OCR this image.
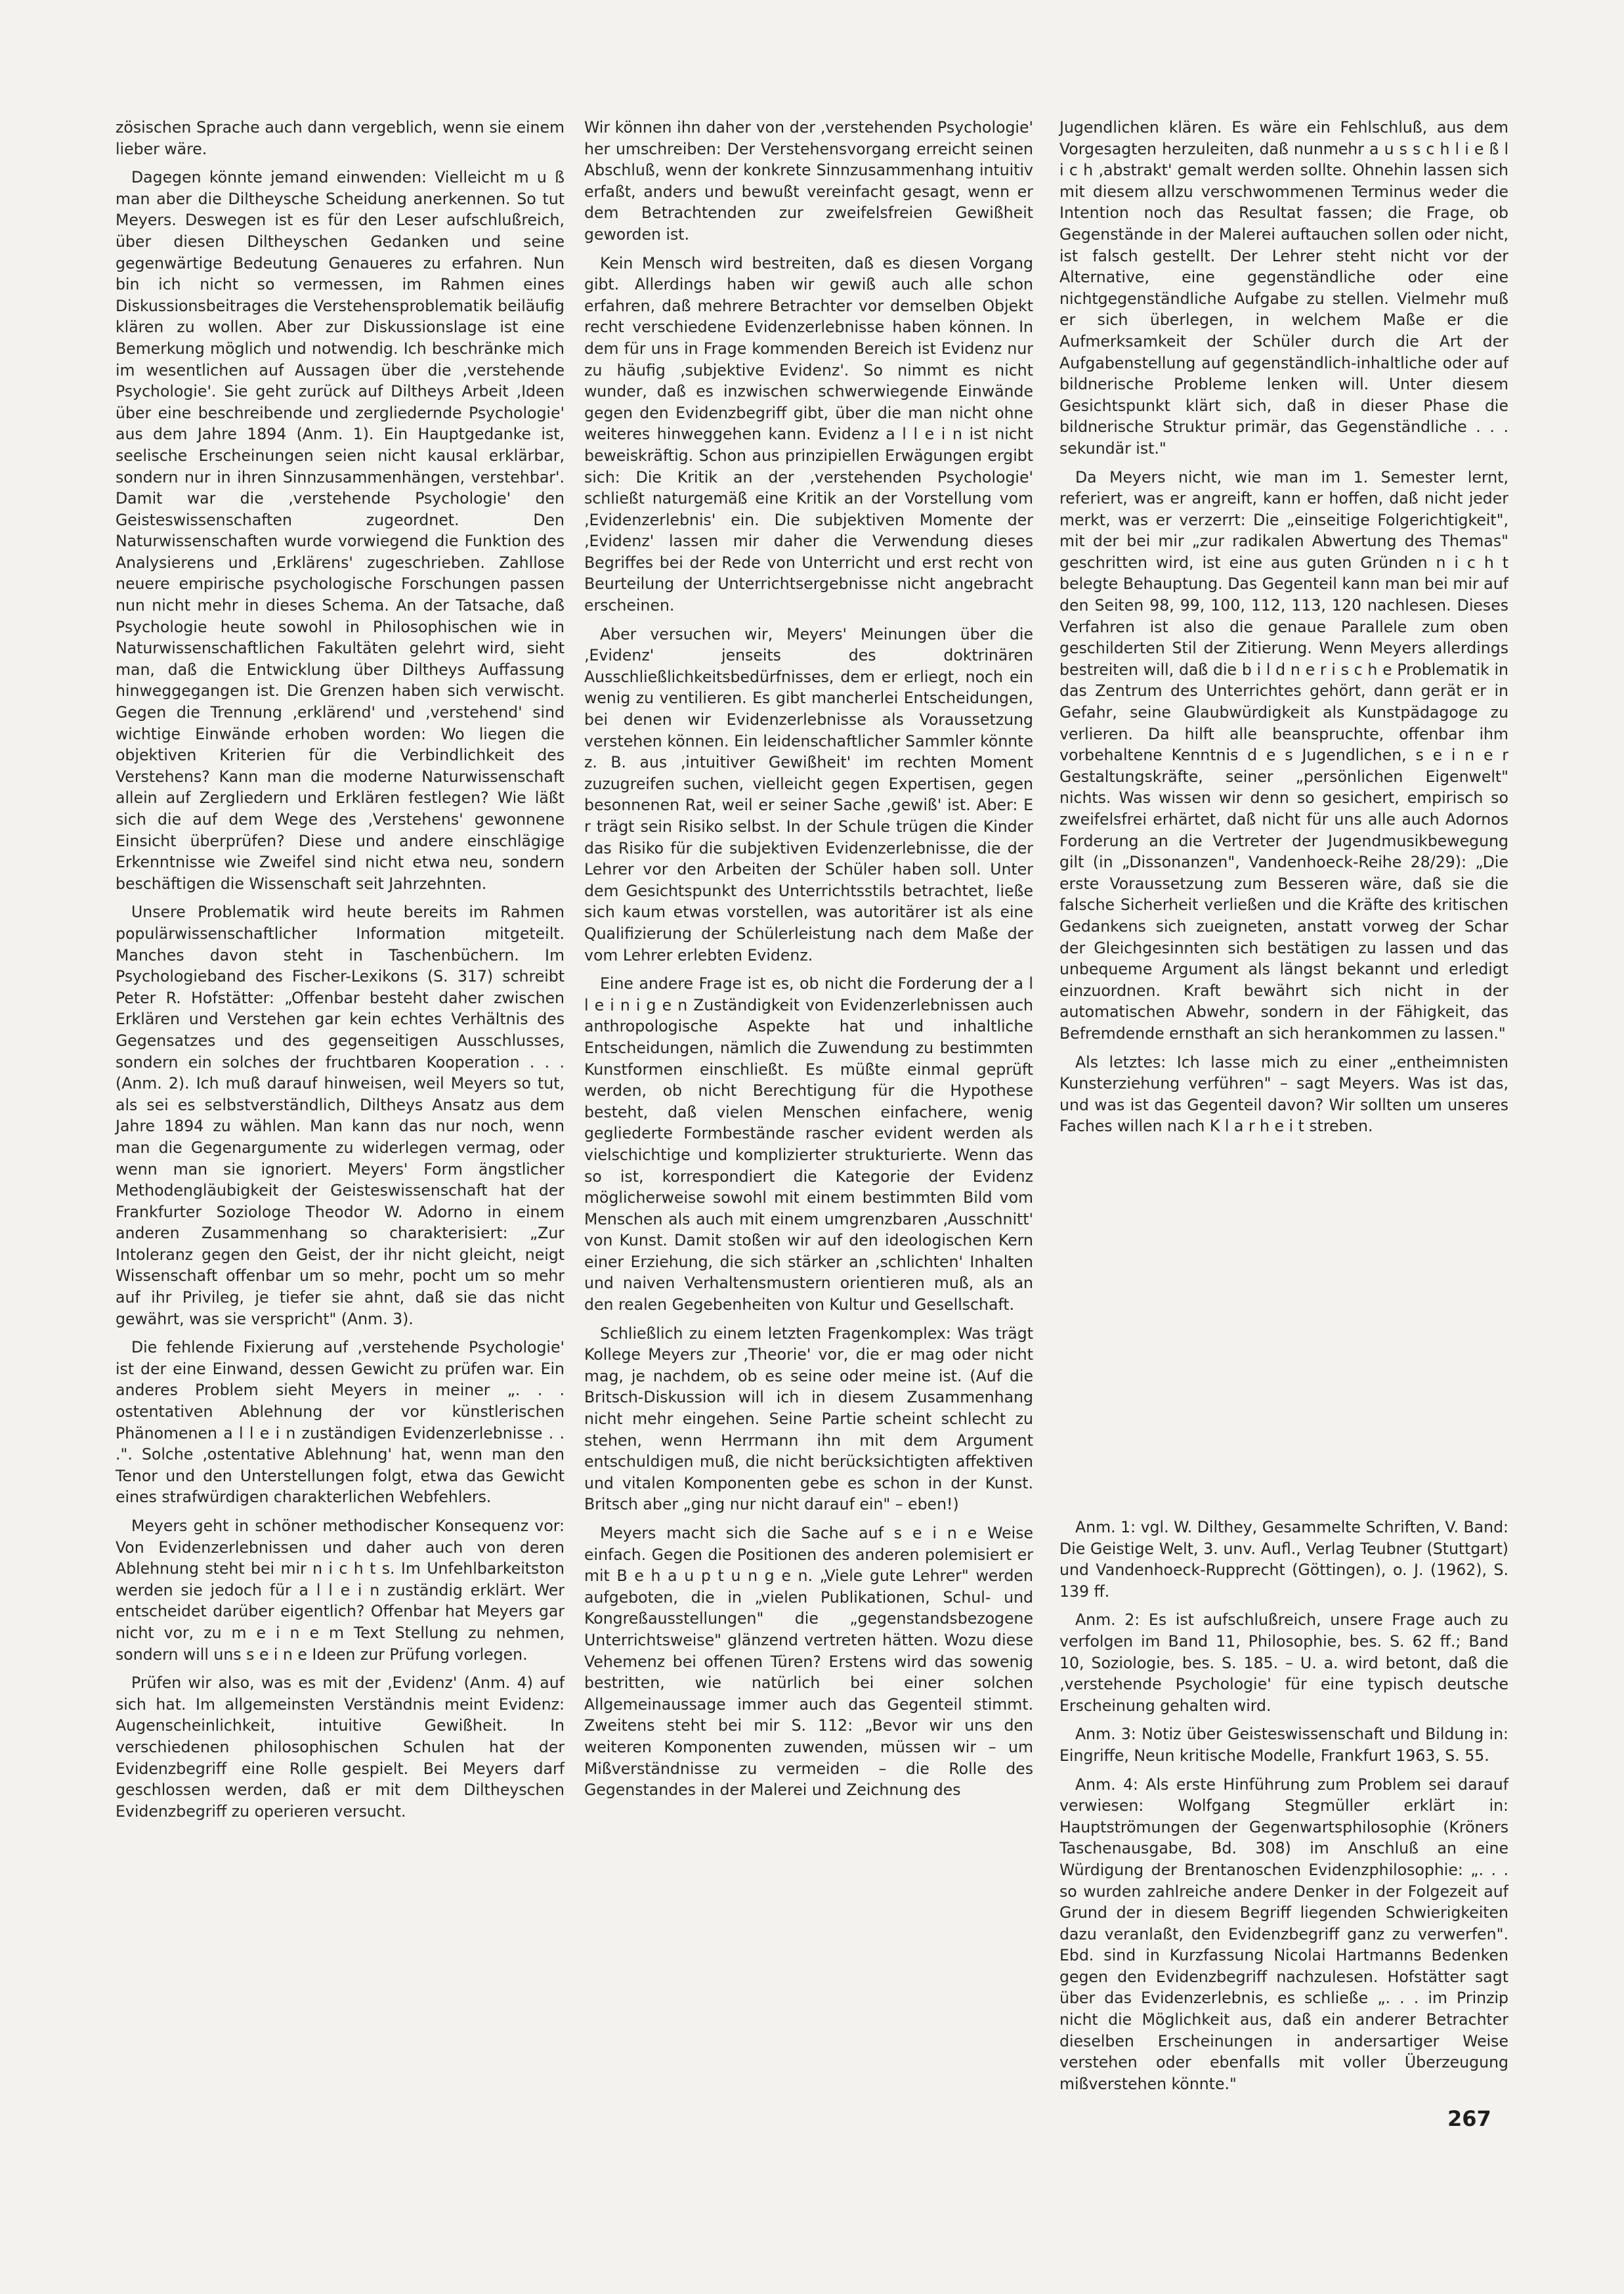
zösischen Sprache auch dann vergeblich, wenn sie einem lieber wäre.

Dagegen könnte jemand einwenden: Vielleicht m u ß man aber die Diltheysche Scheidung anerkennen. So tut Meyers. Deswegen ist es für den Leser aufschlußreich, über diesen Diltheyschen Gedanken und seine gegenwärtige Bedeutung Genaueres zu erfahren. Nun bin ich nicht so vermessen, im Rahmen eines Diskussionsbeitrages die Verstehensproblematik beiläufig klären zu wollen. Aber zur Diskussionslage ist eine Bemerkung möglich und notwendig. Ich beschränke mich im wesentlichen auf Aussagen über die ‚verstehende Psychologie'. Sie geht zurück auf Diltheys Arbeit ‚Ideen über eine beschreibende und zergliedernde Psychologie' aus dem Jahre 1894 (Anm. 1). Ein Hauptgedanke ist, seelische Erscheinungen seien nicht kausal erklärbar, sondern nur in ihren Sinnzusammenhängen, verstehbar'. Damit war die ‚verstehende Psychologie' den Geisteswissenschaften zugeordnet. Den Naturwissenschaften wurde vorwiegend die Funktion des Analysierens und ‚Erklärens' zugeschrieben. Zahllose neuere empirische psychologische Forschungen passen nun nicht mehr in dieses Schema. An der Tatsache, daß Psychologie heute sowohl in Philosophischen wie in Naturwissenschaftlichen Fakultäten gelehrt wird, sieht man, daß die Entwicklung über Diltheys Auffassung hinweggegangen ist. Die Grenzen haben sich verwischt. Gegen die Trennung ‚erklärend' und ‚verstehend' sind wichtige Einwände erhoben worden: Wo liegen die objektiven Kriterien für die Verbindlichkeit des Verstehens? Kann man die moderne Naturwissenschaft allein auf Zergliedern und Erklären festlegen? Wie läßt sich die auf dem Wege des ‚Verstehens' gewonnene Einsicht überprüfen? Diese und andere einschlägige Erkenntnisse wie Zweifel sind nicht etwa neu, sondern beschäftigen die Wissenschaft seit Jahrzehnten.

Unsere Problematik wird heute bereits im Rahmen populärwissenschaftlicher Information mitgeteilt. Manches davon steht in Taschenbüchern. Im Psychologieband des Fischer-Lexikons (S. 317) schreibt Peter R. Hofstätter: „Offenbar besteht daher zwischen Erklären und Verstehen gar kein echtes Verhältnis des Gegensatzes und des gegenseitigen Ausschlusses, sondern ein solches der fruchtbaren Kooperation . . . (Anm. 2). Ich muß darauf hinweisen, weil Meyers so tut, als sei es selbstverständlich, Diltheys Ansatz aus dem Jahre 1894 zu wählen. Man kann das nur noch, wenn man die Gegenargumente zu widerlegen vermag, oder wenn man sie ignoriert. Meyers' Form ängstlicher Methodengläubigkeit der Geisteswissenschaft hat der Frankfurter Soziologe Theodor W. Adorno in einem anderen Zusammenhang so charakterisiert: „Zur Intoleranz gegen den Geist, der ihr nicht gleicht, neigt Wissenschaft offenbar um so mehr, pocht um so mehr auf ihr Privileg, je tiefer sie ahnt, daß sie das nicht gewährt, was sie verspricht" (Anm. 3).

Die fehlende Fixierung auf ‚verstehende Psychologie' ist der eine Einwand, dessen Gewicht zu prüfen war. Ein anderes Problem sieht Meyers in meiner „. . . ostentativen Ablehnung der vor künstlerischen Phänomenen a l l e i n zuständigen Evidenzerlebnisse . . .". Solche ‚ostentative Ablehnung' hat, wenn man den Tenor und den Unterstellungen folgt, etwa das Gewicht eines strafwürdigen charakterlichen Webfehlers.

Meyers geht in schöner methodischer Konsequenz vor: Von Evidenzerlebnissen und daher auch von deren Ablehnung steht bei mir n i c h t s. Im Unfehlbarkeitston werden sie jedoch für a l l e i n zuständig erklärt. Wer entscheidet darüber eigentlich? Offenbar hat Meyers gar nicht vor, zu m e i n e m Text Stellung zu nehmen, sondern will uns s e i n e Ideen zur Prüfung vorlegen.

Prüfen wir also, was es mit der ‚Evidenz' (Anm. 4) auf sich hat. Im allgemeinsten Verständnis meint Evidenz: Augenscheinlichkeit, intuitive Gewißheit. In verschiedenen philosophischen Schulen hat der Evidenzbegriff eine Rolle gespielt. Bei Meyers darf geschlossen werden, daß er mit dem Diltheyschen Evidenzbegriff zu operieren versucht.

Wir können ihn daher von der ‚verstehenden Psychologie' her umschreiben: Der Verstehensvorgang erreicht seinen Abschluß, wenn der konkrete Sinnzusammenhang intuitiv erfaßt, anders und bewußt vereinfacht gesagt, wenn er dem Betrachtenden zur zweifelsfreien Gewißheit geworden ist.

Kein Mensch wird bestreiten, daß es diesen Vorgang gibt. Allerdings haben wir gewiß auch alle schon erfahren, daß mehrere Betrachter vor demselben Objekt recht verschiedene Evidenzerlebnisse haben können. In dem für uns in Frage kommenden Bereich ist Evidenz nur zu häufig ‚subjektive Evidenz'. So nimmt es nicht wunder, daß es inzwischen schwerwiegende Einwände gegen den Evidenzbegriff gibt, über die man nicht ohne weiteres hinweggehen kann. Evidenz a l l e i n ist nicht beweiskräftig. Schon aus prinzipiellen Erwägungen ergibt sich: Die Kritik an der ‚verstehenden Psychologie' schließt naturgemäß eine Kritik an der Vorstellung vom ‚Evidenzerlebnis' ein. Die subjektiven Momente der ‚Evidenz' lassen mir daher die Verwendung dieses Begriffes bei der Rede von Unterricht und erst recht von Beurteilung der Unterrichtsergebnisse nicht angebracht erscheinen.

Aber versuchen wir, Meyers' Meinungen über die ‚Evidenz' jenseits des doktrinären Ausschließlichkeitsbedürfnisses, dem er erliegt, noch ein wenig zu ventilieren. Es gibt mancherlei Entscheidungen, bei denen wir Evidenzerlebnisse als Voraussetzung verstehen können. Ein leidenschaftlicher Sammler könnte z. B. aus ‚intuitiver Gewißheit' im rechten Moment zuzugreifen suchen, vielleicht gegen Expertisen, gegen besonnenen Rat, weil er seiner Sache ‚gewiß' ist. Aber: E r trägt sein Risiko selbst. In der Schule trügen die Kinder das Risiko für die subjektiven Evidenzerlebnisse, die der Lehrer vor den Arbeiten der Schüler haben soll. Unter dem Gesichtspunkt des Unterrichtsstils betrachtet, ließe sich kaum etwas vorstellen, was autoritärer ist als eine Qualifizierung der Schülerleistung nach dem Maße der vom Lehrer erlebten Evidenz.

Eine andere Frage ist es, ob nicht die Forderung der a l l e i n i g e n Zuständigkeit von Evidenzerlebnissen auch anthropologische Aspekte hat und inhaltliche Entscheidungen, nämlich die Zuwendung zu bestimmten Kunstformen einschließt. Es müßte einmal geprüft werden, ob nicht Berechtigung für die Hypothese besteht, daß vielen Menschen einfachere, wenig gegliederte Formbestände rascher evident werden als vielschichtige und komplizierter strukturierte. Wenn das so ist, korrespondiert die Kategorie der Evidenz möglicherweise sowohl mit einem bestimmten Bild vom Menschen als auch mit einem umgrenzbaren ‚Ausschnitt' von Kunst. Damit stoßen wir auf den ideologischen Kern einer Erziehung, die sich stärker an ‚schlichten' Inhalten und naiven Verhaltensmustern orientieren muß, als an den realen Gegebenheiten von Kultur und Gesellschaft.

Schließlich zu einem letzten Fragenkomplex: Was trägt Kollege Meyers zur ‚Theorie' vor, die er mag oder nicht mag, je nachdem, ob es seine oder meine ist. (Auf die Britsch-Diskussion will ich in diesem Zusammenhang nicht mehr eingehen. Seine Partie scheint schlecht zu stehen, wenn Herrmann ihn mit dem Argument entschuldigen muß, die nicht berücksichtigten affektiven und vitalen Komponenten gebe es schon in der Kunst. Britsch aber „ging nur nicht darauf ein" – eben!)

Meyers macht sich die Sache auf s e i n e Weise einfach. Gegen die Positionen des anderen polemisiert er mit B e h a u p t u n g e n. „Viele gute Lehrer" werden aufgeboten, die in „vielen Publikationen, Schul- und Kongreßausstellungen" die „gegenstandsbezogene Unterrichtsweise" glänzend vertreten hätten. Wozu diese Vehemenz bei offenen Türen? Erstens wird das sowenig bestritten, wie natürlich bei einer solchen Allgemeinaussage immer auch das Gegenteil stimmt. Zweitens steht bei mir S. 112: „Bevor wir uns den weiteren Komponenten zuwenden, müssen wir – um Mißverständnisse zu vermeiden – die Rolle des Gegenstandes in der Malerei und Zeichnung des

Jugendlichen klären. Es wäre ein Fehlschluß, aus dem Vorgesagten herzuleiten, daß nunmehr a u s s c h l i e ß l i c h ‚abstrakt' gemalt werden sollte. Ohnehin lassen sich mit diesem allzu verschwommenen Terminus weder die Intention noch das Resultat fassen; die Frage, ob Gegenstände in der Malerei auftauchen sollen oder nicht, ist falsch gestellt. Der Lehrer steht nicht vor der Alternative, eine gegenständliche oder eine nichtgegenständliche Aufgabe zu stellen. Vielmehr muß er sich überlegen, in welchem Maße er die Aufmerksamkeit der Schüler durch die Art der Aufgabenstellung auf gegenständlich-inhaltliche oder auf bildnerische Probleme lenken will. Unter diesem Gesichtspunkt klärt sich, daß in dieser Phase die bildnerische Struktur primär, das Gegenständliche . . . sekundär ist."

Da Meyers nicht, wie man im 1. Semester lernt, referiert, was er angreift, kann er hoffen, daß nicht jeder merkt, was er verzerrt: Die „einseitige Folgerichtigkeit", mit der bei mir „zur radikalen Abwertung des Themas" geschritten wird, ist eine aus guten Gründen n i c h t belegte Behauptung. Das Gegenteil kann man bei mir auf den Seiten 98, 99, 100, 112, 113, 120 nachlesen. Dieses Verfahren ist also die genaue Parallele zum oben geschilderten Stil der Zitierung. Wenn Meyers allerdings bestreiten will, daß die b i l d n e r i s c h e Problematik in das Zentrum des Unterrichtes gehört, dann gerät er in Gefahr, seine Glaubwürdigkeit als Kunstpädagoge zu verlieren. Da hilft alle beanspruchte, offenbar ihm vorbehaltene Kenntnis d e s Jugendlichen, s e i n e r Gestaltungskräfte, seiner „persönlichen Eigenwelt" nichts. Was wissen wir denn so gesichert, empirisch so zweifelsfrei erhärtet, daß nicht für uns alle auch Adornos Forderung an die Vertreter der Jugendmusikbewegung gilt (in „Dissonanzen", Vandenhoeck-Reihe 28/29): „Die erste Voraussetzung zum Besseren wäre, daß sie die falsche Sicherheit verließen und die Kräfte des kritischen Gedankens sich zueigneten, anstatt vorweg der Schar der Gleichgesinnten sich bestätigen zu lassen und das unbequeme Argument als längst bekannt und erledigt einzuordnen. Kraft bewährt sich nicht in der automatischen Abwehr, sondern in der Fähigkeit, das Befremdende ernsthaft an sich herankommen zu lassen."

Als letztes: Ich lasse mich zu einer „entheimnisten Kunsterziehung verführen" – sagt Meyers. Was ist das, und was ist das Gegenteil davon? Wir sollten um unseres Faches willen nach K l a r h e i t streben.

Anm. 1: vgl. W. Dilthey, Gesammelte Schriften, V. Band: Die Geistige Welt, 3. unv. Aufl., Verlag Teubner (Stuttgart) und Vandenhoeck-Rupprecht (Göttingen), o. J. (1962), S. 139 ff.

Anm. 2: Es ist aufschlußreich, unsere Frage auch zu verfolgen im Band 11, Philosophie, bes. S. 62 ff.; Band 10, Soziologie, bes. S. 185. – U. a. wird betont, daß die ‚verstehende Psychologie' für eine typisch deutsche Erscheinung gehalten wird.

Anm. 3: Notiz über Geisteswissenschaft und Bildung in: Eingriffe, Neun kritische Modelle, Frankfurt 1963, S. 55.

Anm. 4: Als erste Hinführung zum Problem sei darauf verwiesen: Wolfgang Stegmüller erklärt in: Hauptströmungen der Gegenwartsphilosophie (Kröners Taschenausgabe, Bd. 308) im Anschluß an eine Würdigung der Brentanoschen Evidenzphilosophie: „. . . so wurden zahlreiche andere Denker in der Folgezeit auf Grund der in diesem Begriff liegenden Schwierigkeiten dazu veranlaßt, den Evidenzbegriff ganz zu verwerfen". Ebd. sind in Kurzfassung Nicolai Hartmanns Bedenken gegen den Evidenzbegriff nachzulesen. Hofstätter sagt über das Evidenzerlebnis, es schließe „. . . im Prinzip nicht die Möglichkeit aus, daß ein anderer Betrachter dieselben Erscheinungen in andersartiger Weise verstehen oder ebenfalls mit voller Überzeugung mißverstehen könnte."

267
